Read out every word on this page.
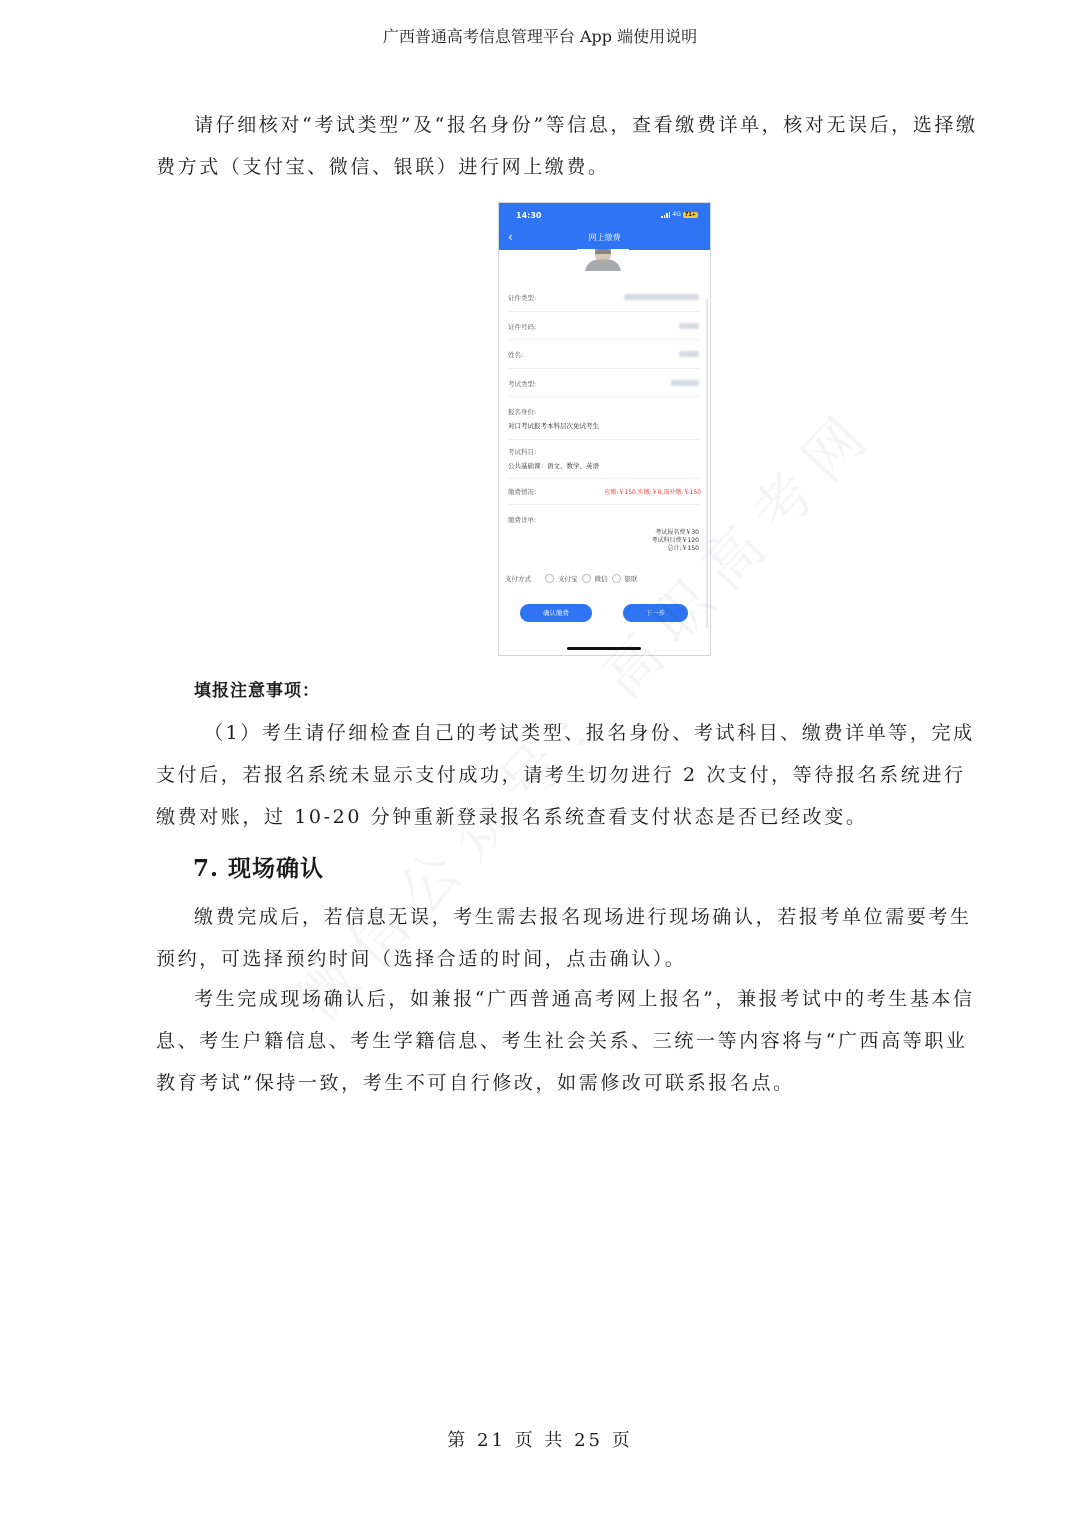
广西普通高考信息管理平台 App 端使用说明
请仔细核对“考试类型”及“报名身份”等信息，查看缴费详单，核对无误后，选择缴费方式（支付宝、微信、银联）进行网上缴费。
14:30	4G 71+
‹	网上缴费
证件类型:
证件号码:
姓名:
考试类型:
报名身份:
对口考试报考本科层次免试考生
考试科目:
公共基础课：语文、数学、英语
缴费情况:	应缴:￥150,实缴:￥0,需补缴:￥150
缴费详单:
考试报名费￥30
考试科目费￥120
总计:￥150
支付方式	支付宝	微信	银联
确认缴费	下一步
填报注意事项：
（1）考生请仔细检查自己的考试类型、报名身份、考试科目、缴费详单等，完成支付后，若报名系统未显示支付成功，请考生切勿进行 2 次支付，等待报名系统进行缴费对账，过 10-20 分钟重新登录报名系统查看支付状态是否已经改变。
7. 现场确认
缴费完成后，若信息无误，考生需去报名现场进行现场确认，若报考单位需要考生预约，可选择预约时间（选择合适的时间，点击确认）。
考生完成现场确认后，如兼报“广西普通高考网上报名”，兼报考试中的考生基本信息、考生户籍信息、考生学籍信息、考生社会关系、三统一等内容将与“广西高等职业教育考试”保持一致，考生不可自行修改，如需修改可联系报名点。
第 21 页 共 25 页
